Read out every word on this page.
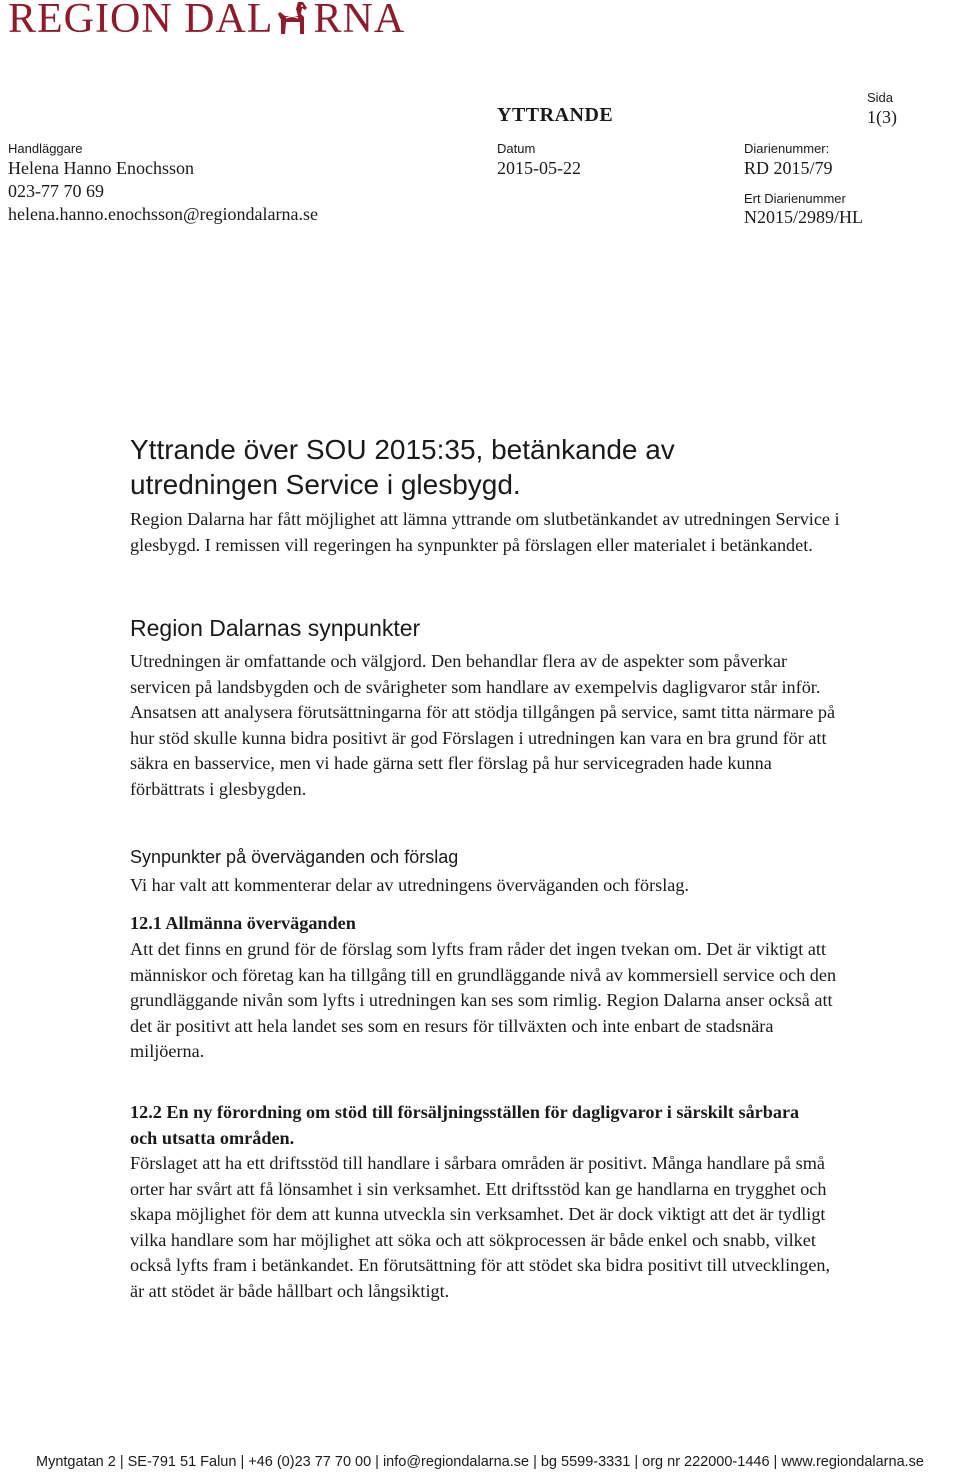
REGION DAL RNA
YTTRANDE
Sida
1(3)
Handläggare
Helena Hanno Enochsson
023-77 70 69
helena.hanno.enochsson@regiondalarna.se
Datum
2015-05-22
Diarienummer:
RD 2015/79
Ert Diarienummer
N2015/2989/HL
Yttrande över SOU 2015:35, betänkande av
utredningen Service i glesbygd.

Region Dalarna har fått möjlighet att lämna yttrande om slutbetänkandet av utredningen Service i glesbygd. I remissen vill regeringen ha synpunkter på förslagen eller materialet i betänkandet.

Region Dalarnas synpunkter

Utredningen är omfattande och välgjord. Den behandlar flera av de aspekter som påverkar servicen på landsbygden och de svårigheter som handlare av exempelvis dagligvaror står inför. Ansatsen att analysera förutsättningarna för att stödja tillgången på service, samt titta närmare på hur stöd skulle kunna bidra positivt är god Förslagen i utredningen kan vara en bra grund för att säkra en basservice, men vi hade gärna sett fler förslag på hur servicegraden hade kunna förbättrats i glesbygden.

Synpunkter på överväganden och förslag

Vi har valt att kommenterar delar av utredningens överväganden och förslag.

12.1 Allmänna överväganden

Att det finns en grund för de förslag som lyfts fram råder det ingen tvekan om. Det är viktigt att människor och företag kan ha tillgång till en grundläggande nivå av kommersiell service och den grundläggande nivån som lyfts i utredningen kan ses som rimlig. Region Dalarna anser också att det är positivt att hela landet ses som en resurs för tillväxten och inte enbart de stadsnära miljöerna.

12.2 En ny förordning om stöd till försäljningsställen för dagligvaror i särskilt sårbara och utsatta områden.

Förslaget att ha ett driftsstöd till handlare i sårbara områden är positivt. Många handlare på små orter har svårt att få lönsamhet i sin verksamhet. Ett driftsstöd kan ge handlarna en trygghet och skapa möjlighet för dem att kunna utveckla sin verksamhet. Det är dock viktigt att det är tydligt vilka handlare som har möjlighet att söka och att sökprocessen är både enkel och snabb, vilket också lyfts fram i betänkandet. En förutsättning för att stödet ska bidra positivt till utvecklingen, är att stödet är både hållbart och långsiktigt.

Myntgatan 2 | SE-791 51 Falun | +46 (0)23 77 70 00 | info@regiondalarna.se | bg 5599-3331 | org nr 222000-1446 | www.regiondalarna.se
